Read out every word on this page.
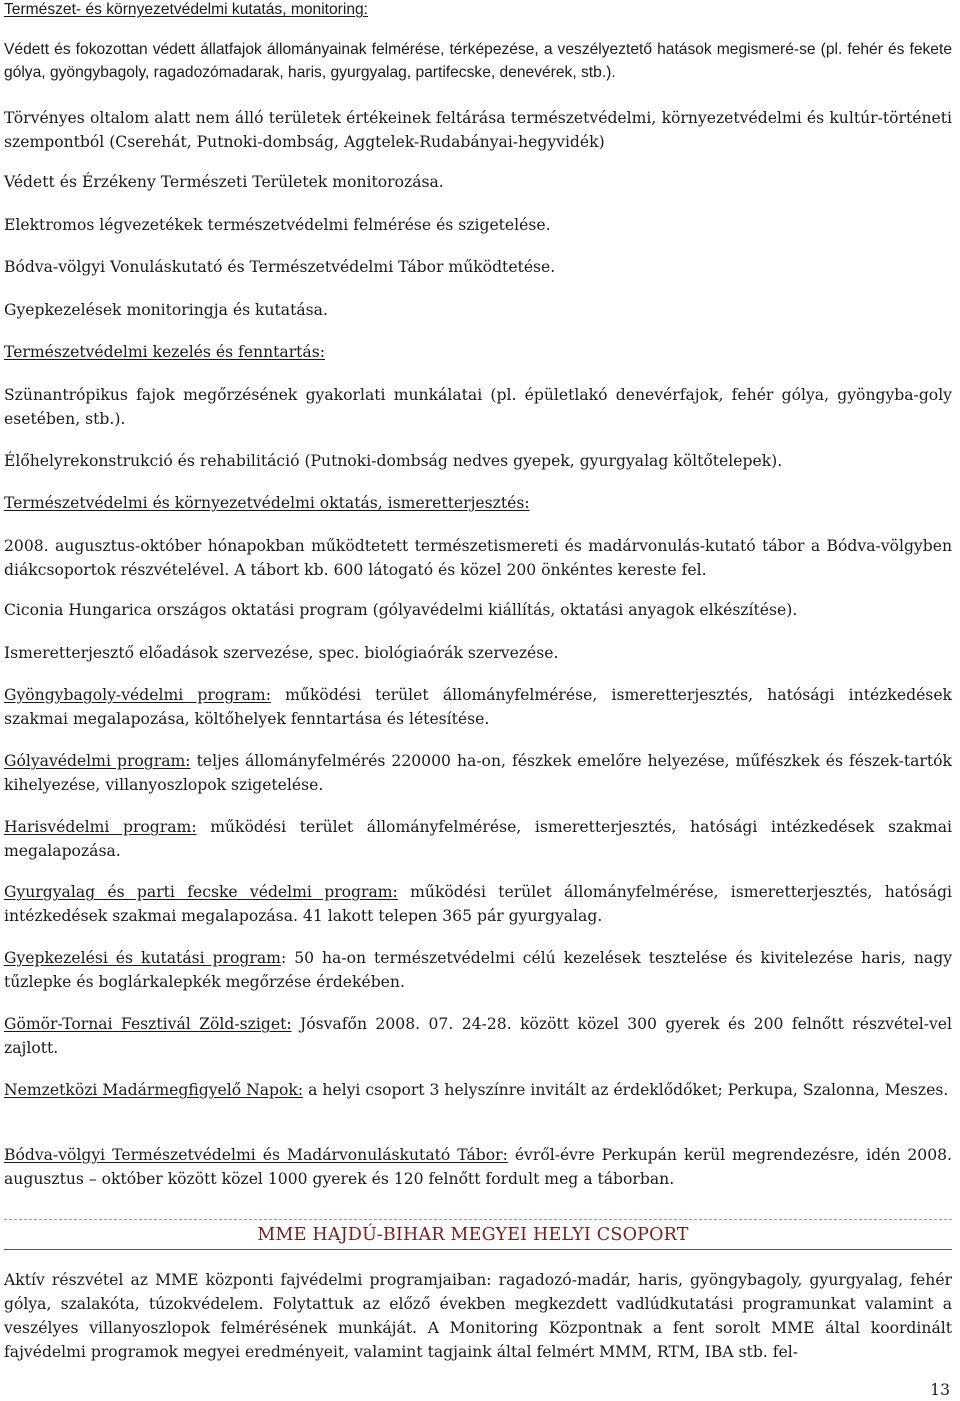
Természet- és környezetvédelmi kutatás, monitoring:

Védett és fokozottan védett állatfajok állományainak felmérése, térképezése, a veszélyeztető hatások megismeré-se (pl. fehér és fekete gólya, gyöngybagoly, ragadozómadarak, haris, gyurgyalag, partifecske, denevérek, stb.).

Törvényes oltalom alatt nem álló területek értékeinek feltárása természetvédelmi, környezetvédelmi és kultúr-történeti szempontból (Cserehát, Putnoki-dombság, Aggtelek-Rudabányai-hegyvidék)

Védett és Érzékeny Természeti Területek monitorozása.

Elektromos légvezetékek természetvédelmi felmérése és szigetelése.

Bódva-völgyi Vonuláskutató és Természetvédelmi Tábor működtetése.

Gyepkezelések monitoringja és kutatása.

Természetvédelmi kezelés és fenntartás:

Szünantrópikus fajok megőrzésének gyakorlati munkálatai (pl. épületlakó denevérfajok, fehér gólya, gyöngyba-goly esetében, stb.).

Élőhelyrekonstrukció és rehabilitáció (Putnoki-dombság nedves gyepek, gyurgyalag költőtelepek).

Természetvédelmi és környezetvédelmi oktatás, ismeretterjesztés:

2008. augusztus-október hónapokban működtetett természetismereti és madárvonulás-kutató tábor a Bódva-völgyben diákcsoportok részvételével. A tábort kb. 600 látogató és közel 200 önkéntes kereste fel.

Ciconia Hungarica országos oktatási program (gólyavédelmi kiállítás, oktatási anyagok elkészítése).

Ismeretterjesztő előadások szervezése, spec. biológiaórák szervezése.

Gyöngybagoly-védelmi program: működési terület állományfelmérése, ismeretterjesztés, hatósági intézkedések szakmai megalapozása, költőhelyek fenntartása és létesítése.

Gólyavédelmi program: teljes állományfelmérés 220000 ha-on, fészkek emelőre helyezése, műfészkek és fészek-tartók kihelyezése, villanyoszlopok szigetelése.

Harisvédelmi program: működési terület állományfelmérése, ismeretterjesztés, hatósági intézkedések szakmai megalapozása.

Gyurgyalag és parti fecske védelmi program: működési terület állományfelmérése, ismeretterjesztés, hatósági intézkedések szakmai megalapozása. 41 lakott telepen 365 pár gyurgyalag.

Gyepkezelési és kutatási program: 50 ha-on természetvédelmi célú kezelések tesztelése és kivitelezése haris, nagy tűzlepke és boglárkalepkék megőrzése érdekében.

Gömör-Tornai Fesztivál Zöld-sziget: Jósvafőn 2008. 07. 24-28. között közel 300 gyerek és 200 felnőtt részvétel-vel zajlott.

Nemzetközi Madármegfigyelő Napok: a helyi csoport 3 helyszínre invitált az érdeklődőket; Perkupa, Szalonna, Meszes.

Bódva-völgyi Természetvédelmi és Madárvonuláskutató Tábor: évről-évre Perkupán kerül megrendezésre, idén 2008. augusztus – október között közel 1000 gyerek és 120 felnőtt fordult meg a táborban.

MME HAJDÚ-BIHAR MEGYEI HELYI CSOPORT

Aktív részvétel az MME központi fajvédelmi programjaiban: ragadozó-madár, haris, gyöngybagoly, gyurgyalag, fehér gólya, szalakóta, túzokvédelem. Folytattuk az előző években megkezdett vadlúdkutatási programunkat valamint a veszélyes villanyoszlopok felmérésének munkáját. A Monitoring Központnak a fent sorolt MME által koordinált fajvédelmi programok megyei eredményeit, valamint tagjaink által felmért MMM, RTM, IBA stb. fel-

13
